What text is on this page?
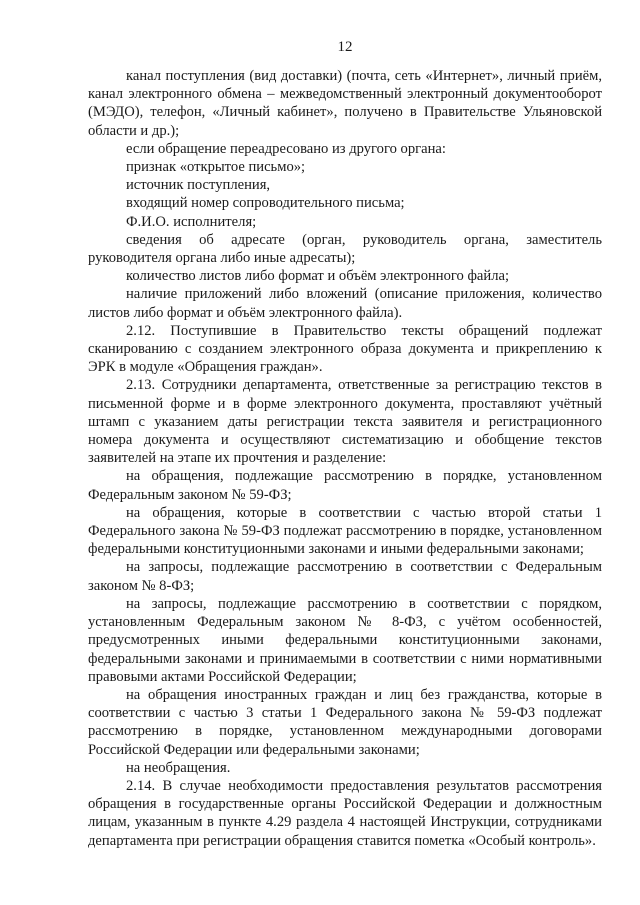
12

канал поступления (вид доставки) (почта, сеть «Интернет», личный приём, канал электронного обмена – межведомственный электронный документооборот (МЭДО), телефон, «Личный кабинет», получено в Правительстве Ульяновской области и др.);

если обращение переадресовано из другого органа:

признак «открытое письмо»;

источник поступления,

входящий номер сопроводительного письма;

Ф.И.О. исполнителя;

сведения об адресате (орган, руководитель органа, заместитель руководителя органа либо иные адресаты);

количество листов либо формат и объём электронного файла;

наличие приложений либо вложений (описание приложения, количество листов либо формат и объём электронного файла).

2.12. Поступившие в Правительство тексты обращений подлежат сканированию с созданием электронного образа документа и прикреплению к ЭРК в модуле «Обращения граждан».

2.13. Сотрудники департамента, ответственные за регистрацию текстов в письменной форме и в форме электронного документа, проставляют учётный штамп с указанием даты регистрации текста заявителя и регистрационного номера документа и осуществляют систематизацию и обобщение текстов заявителей на этапе их прочтения и разделение:

на обращения, подлежащие рассмотрению в порядке, установленном Федеральным законом № 59-ФЗ;

на обращения, которые в соответствии с частью второй статьи 1 Федерального закона № 59-ФЗ подлежат рассмотрению в порядке, установленном федеральными конституционными законами и иными федеральными законами;

на запросы, подлежащие рассмотрению в соответствии с Федеральным законом № 8-ФЗ;

на запросы, подлежащие рассмотрению в соответствии с порядком, установленным Федеральным законом № 8-ФЗ, с учётом особенностей, предусмотренных иными федеральными конституционными законами, федеральными законами и принимаемыми в соответствии с ними нормативными правовыми актами Российской Федерации;

на обращения иностранных граждан и лиц без гражданства, которые в соответствии с частью 3 статьи 1 Федерального закона № 59-ФЗ подлежат рассмотрению в порядке, установленном международными договорами Российской Федерации или федеральными законами;

на необращения.

2.14. В случае необходимости предоставления результатов рассмотрения обращения в государственные органы Российской Федерации и должностным лицам, указанным в пункте 4.29 раздела 4 настоящей Инструкции, сотрудниками департамента при регистрации обращения ставится пометка «Особый контроль».
